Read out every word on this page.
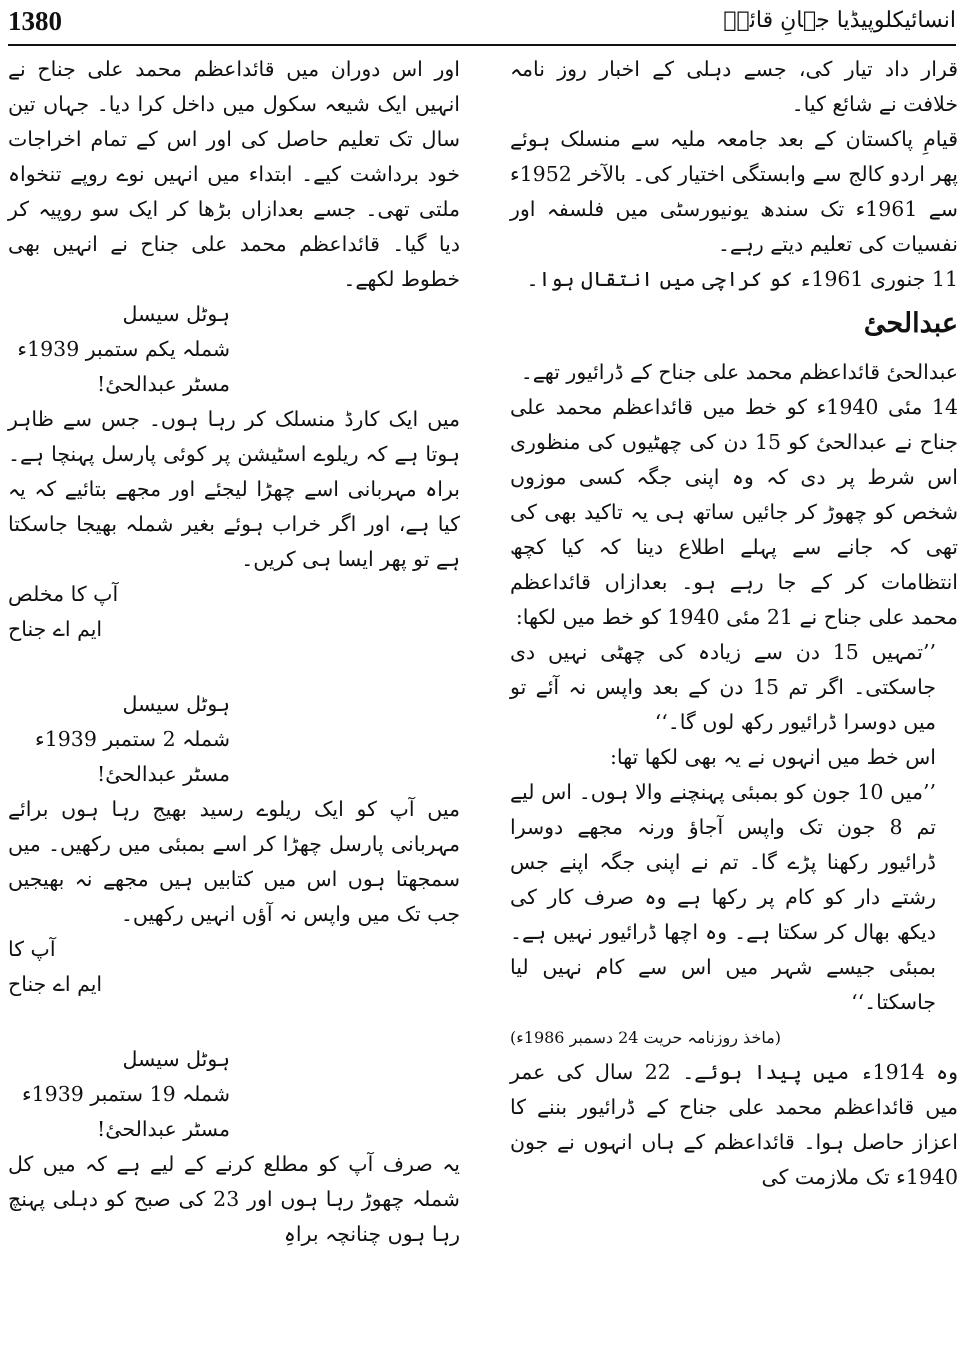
1380	انسائیکلوپیڈیا جہانِ قائدؒ

قرار داد تیار کی، جسے دہلی کے اخبار روز نامہ خلافت نے شائع کیا۔

قیامِ پاکستان کے بعد جامعہ ملیہ سے منسلک ہوئے پھر اردو کالج سے وابستگی اختیار کی۔ بالآخر 1952ء سے 1961ء تک سندھ یونیورسٹی میں فلسفہ اور نفسیات کی تعلیم دیتے رہے۔

11 جنوری 1961ء کو کراچی میں انتقال ہوا۔

عبدالحیٔ

عبدالحیٔ قائداعظم محمد علی جناح کے ڈرائیور تھے۔

14 مئی 1940ء کو خط میں قائداعظم محمد علی جناح نے عبدالحیٔ کو 15 دن کی چھٹیوں کی منظوری اس شرط پر دی کہ وہ اپنی جگہ کسی موزوں شخص کو چھوڑ کر جائیں ساتھ ہی یہ تاکید بھی کی تھی کہ جانے سے پہلے اطلاع دینا کہ کیا کچھ انتظامات کر کے جا رہے ہو۔ بعدازاں قائداعظم محمد علی جناح نے 21 مئی 1940 کو خط میں لکھا:

’’تمہیں 15 دن سے زیادہ کی چھٹی نہیں دی جاسکتی۔ اگر تم 15 دن کے بعد واپس نہ آئے تو میں دوسرا ڈرائیور رکھ لوں گا۔‘‘

اس خط میں انہوں نے یہ بھی لکھا تھا:

’’میں 10 جون کو بمبئی پہنچنے والا ہوں۔ اس لیے تم 8 جون تک واپس آجاؤ ورنہ مجھے دوسرا ڈرائیور رکھنا پڑے گا۔ تم نے اپنی جگہ اپنے جس رشتے دار کو کام پر رکھا ہے وہ صرف کار کی دیکھ بھال کر سکتا ہے۔ وہ اچھا ڈرائیور نہیں ہے۔ بمبئی جیسے شہر میں اس سے کام نہیں لیا جاسکتا۔‘‘

(ماخذ روزنامہ حریت 24 دسمبر 1986ء)

وہ 1914ء میں پیدا ہوئے۔ 22 سال کی عمر میں قائداعظم محمد علی جناح کے ڈرائیور بننے کا اعزاز حاصل ہوا۔ قائداعظم کے ہاں انہوں نے جون 1940ء تک ملازمت کی

اور اس دوران میں قائداعظم محمد علی جناح نے انہیں ایک شیعہ سکول میں داخل کرا دیا۔ جہاں تین سال تک تعلیم حاصل کی اور اس کے تمام اخراجات خود برداشت کیے۔ ابتداء میں انہیں نوے روپے تنخواہ ملتی تھی۔ جسے بعدازاں بڑھا کر ایک سو روپیہ کر دیا گیا۔ قائداعظم محمد علی جناح نے انہیں بھی خطوط لکھے۔

ہوٹل سیسل

شملہ یکم ستمبر 1939ء

مسٹر عبدالحیٔ!

میں ایک کارڈ منسلک کر رہا ہوں۔ جس سے ظاہر ہوتا ہے کہ ریلوے اسٹیشن پر کوئی پارسل پہنچا ہے۔ براہ مہربانی اسے چھڑا لیجئے اور مجھے بتائیے کہ یہ کیا ہے، اور اگر خراب ہوئے بغیر شملہ بھیجا جاسکتا ہے تو پھر ایسا ہی کریں۔

آپ کا مخلص

ایم اے جناح

ہوٹل سیسل

شملہ 2 ستمبر 1939ء

مسٹر عبدالحیٔ!

میں آپ کو ایک ریلوے رسید بھیج رہا ہوں برائے مہربانی پارسل چھڑا کر اسے بمبئی میں رکھیں۔ میں سمجھتا ہوں اس میں کتابیں ہیں مجھے نہ بھیجیں جب تک میں واپس نہ آؤں انہیں رکھیں۔

آپ کا

ایم اے جناح

ہوٹل سیسل

شملہ 19 ستمبر 1939ء

مسٹر عبدالحیٔ!

یہ صرف آپ کو مطلع کرنے کے لیے ہے کہ میں کل شملہ چھوڑ رہا ہوں اور 23 کی صبح کو دہلی پہنچ رہا ہوں چنانچہ براہِ
